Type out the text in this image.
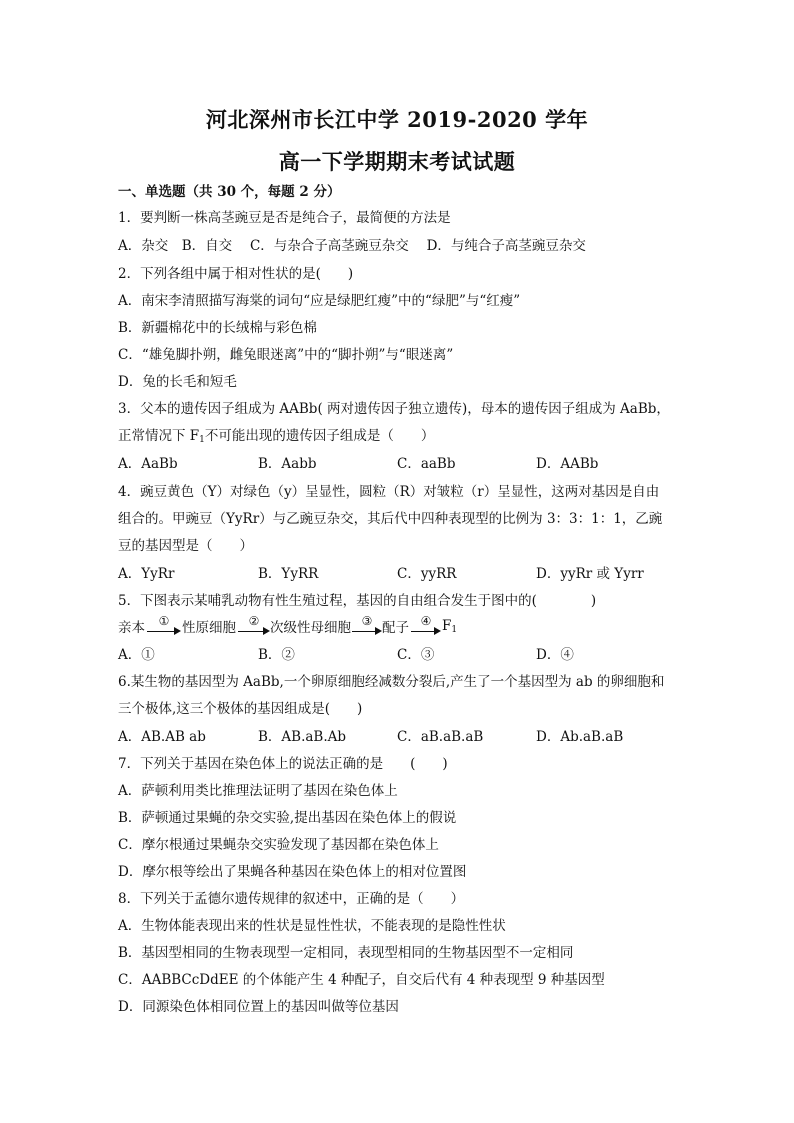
河北深州市长江中学 2019-2020 学年
高一下学期期末考试试题
一、单选题（共 30 个，每题 2 分）
1．要判断一株高茎豌豆是否是纯合子，最简便的方法是
A．杂交　B．自交　 C．与杂合子高茎豌豆杂交　 D．与纯合子高茎豌豆杂交
2．下列各组中属于相对性状的是(　　)
A．南宋李清照描写海棠的词句“应是绿肥红瘦”中的“绿肥”与“红瘦”
B．新疆棉花中的长绒棉与彩色棉
C．“雄兔脚扑朔，雌兔眼迷离”中的“脚扑朔”与“眼迷离”
D．兔的长毛和短毛
3．父本的遗传因子组成为 AABb( 两对遗传因子独立遗传)，母本的遗传因子组成为 AaBb，
正常情况下 $F_1$不可能出现的遗传因子组成是（　　）
A．AaBb	B．Aabb	C．aaBb	D．AABb
4．豌豆黄色（Y）对绿色（y）呈显性，圆粒（R）对皱粒（r）呈显性，这两对基因是自由
组合的。甲豌豆（YyRr）与乙豌豆杂交，其后代中四种表现型的比例为 3：3：1：1，乙豌
豆的基因型是（　　）
A．YyRr	B．YyRR	C．yyRR	D．yyRr 或 Yyrr
5．下图表示某哺乳动物有性生殖过程，基因的自由组合发生于图中的(　　　　)
亲本	① 性原细胞	② 次级性母细胞 ③ 配子 ④ $F_1$
A．①	B．②	C．③	D．④
6.某生物的基因型为 AaBb,一个卵原细胞经减数分裂后,产生了一个基因型为 ab 的卵细胞和
三个极体,这三个极体的基因组成是(　　)
A．AB.AB ab	B．AB.aB.Ab	C．aB.aB.aB	D．Ab.aB.aB
7．下列关于基因在染色体上的说法正确的是　　(　　)
A．萨顿利用类比推理法证明了基因在染色体上
B．萨顿通过果蝇的杂交实验,提出基因在染色体上的假说
C．摩尔根通过果蝇杂交实验发现了基因都在染色体上
D．摩尔根等绘出了果蝇各种基因在染色体上的相对位置图
8．下列关于孟德尔遗传规律的叙述中，正确的是（　　）
A．生物体能表现出来的性状是显性性状，不能表现的是隐性性状
B．基因型相同的生物表现型一定相同，表现型相同的生物基因型不一定相同
C．AABBCcDdEE 的个体能产生 4 种配子，自交后代有 4 种表现型 9 种基因型
D．同源染色体相同位置上的基因叫做等位基因
